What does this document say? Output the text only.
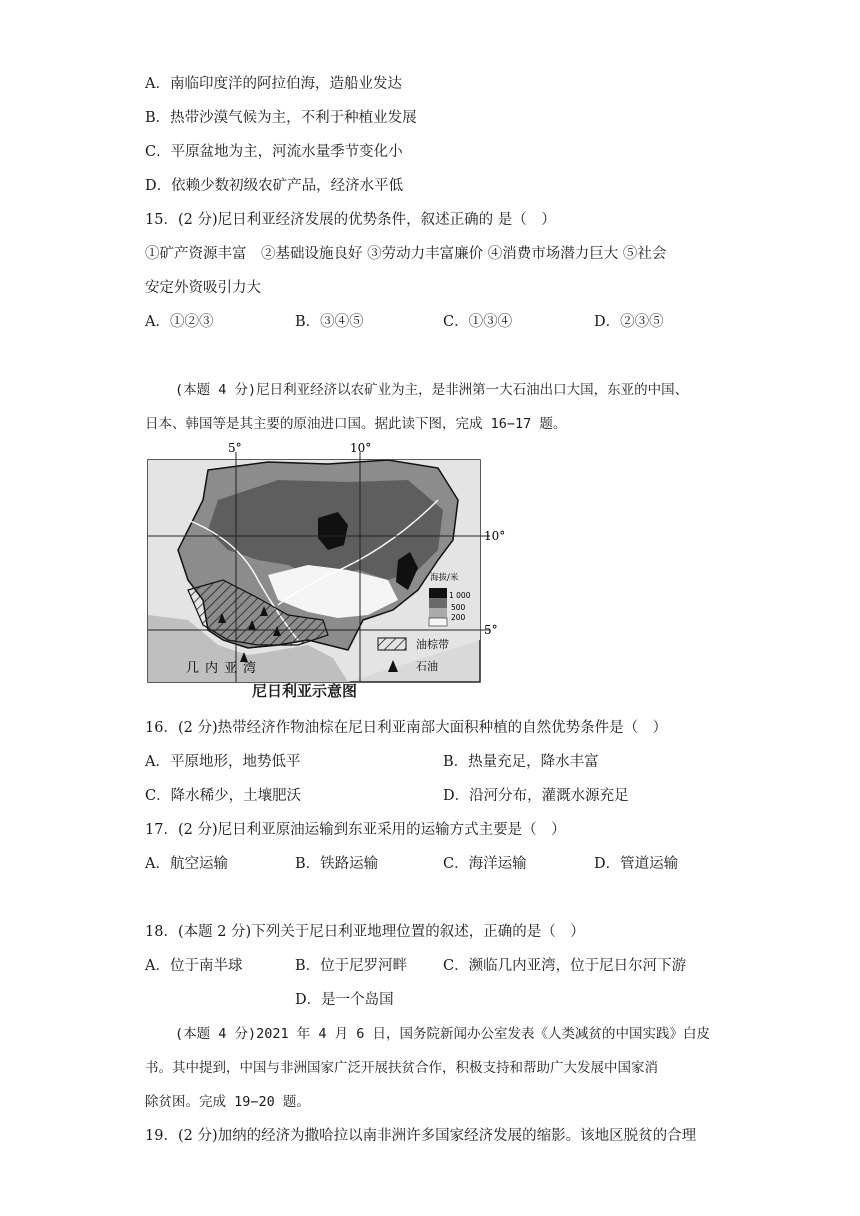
A．南临印度洋的阿拉伯海，造船业发达
B．热带沙漠气候为主，不利于种植业发展
C．平原盆地为主，河流水量季节变化小
D．依赖少数初级农矿产品，经济水平低
15．(2 分)尼日利亚经济发展的优势条件，叙述正确的 是（　）
①矿产资源丰富　②基础设施良好 ③劳动力丰富廉价 ④消费市场潜力巨大 ⑤社会
安定外资吸引力大
A．①②③	B．③④⑤	C．①③④	D．②③⑤
(本题 4 分)尼日利亚经济以农矿业为主，是非洲第一大石油出口大国，东亚的中国、
日本、韩国等是其主要的原油进口国。据此读下图，完成 16−17 题。
5°	10°
10°
5°
几内亚湾
海拔/米
1 000
500
200
油棕带
石油
尼日利亚示意图
16．(2 分)热带经济作物油棕在尼日利亚南部大面积种植的自然优势条件是（　）
A．平原地形，地势低平	B．热量充足，降水丰富
C．降水稀少，土壤肥沃	D．沿河分布，灌溉水源充足
17．(2 分)尼日利亚原油运输到东亚采用的运输方式主要是（　）
A．航空运输	B．铁路运输	C．海洋运输	D．管道运输
18．(本题 2 分)下列关于尼日利亚地理位置的叙述，正确的是（　）
A．位于南半球	B．位于尼罗河畔 C．濒临几内亚湾，位于尼日尔河下游
D．是一个岛国
(本题 4 分)2021 年 4 月 6 日，国务院新闻办公室发表《人类减贫的中国实践》白皮
书。其中提到，中国与非洲国家广泛开展扶贫合作，积极支持和帮助广大发展中国家消
除贫困。完成 19−20 题。
19．(2 分)加纳的经济为撒哈拉以南非洲许多国家经济发展的缩影。该地区脱贫的合理
